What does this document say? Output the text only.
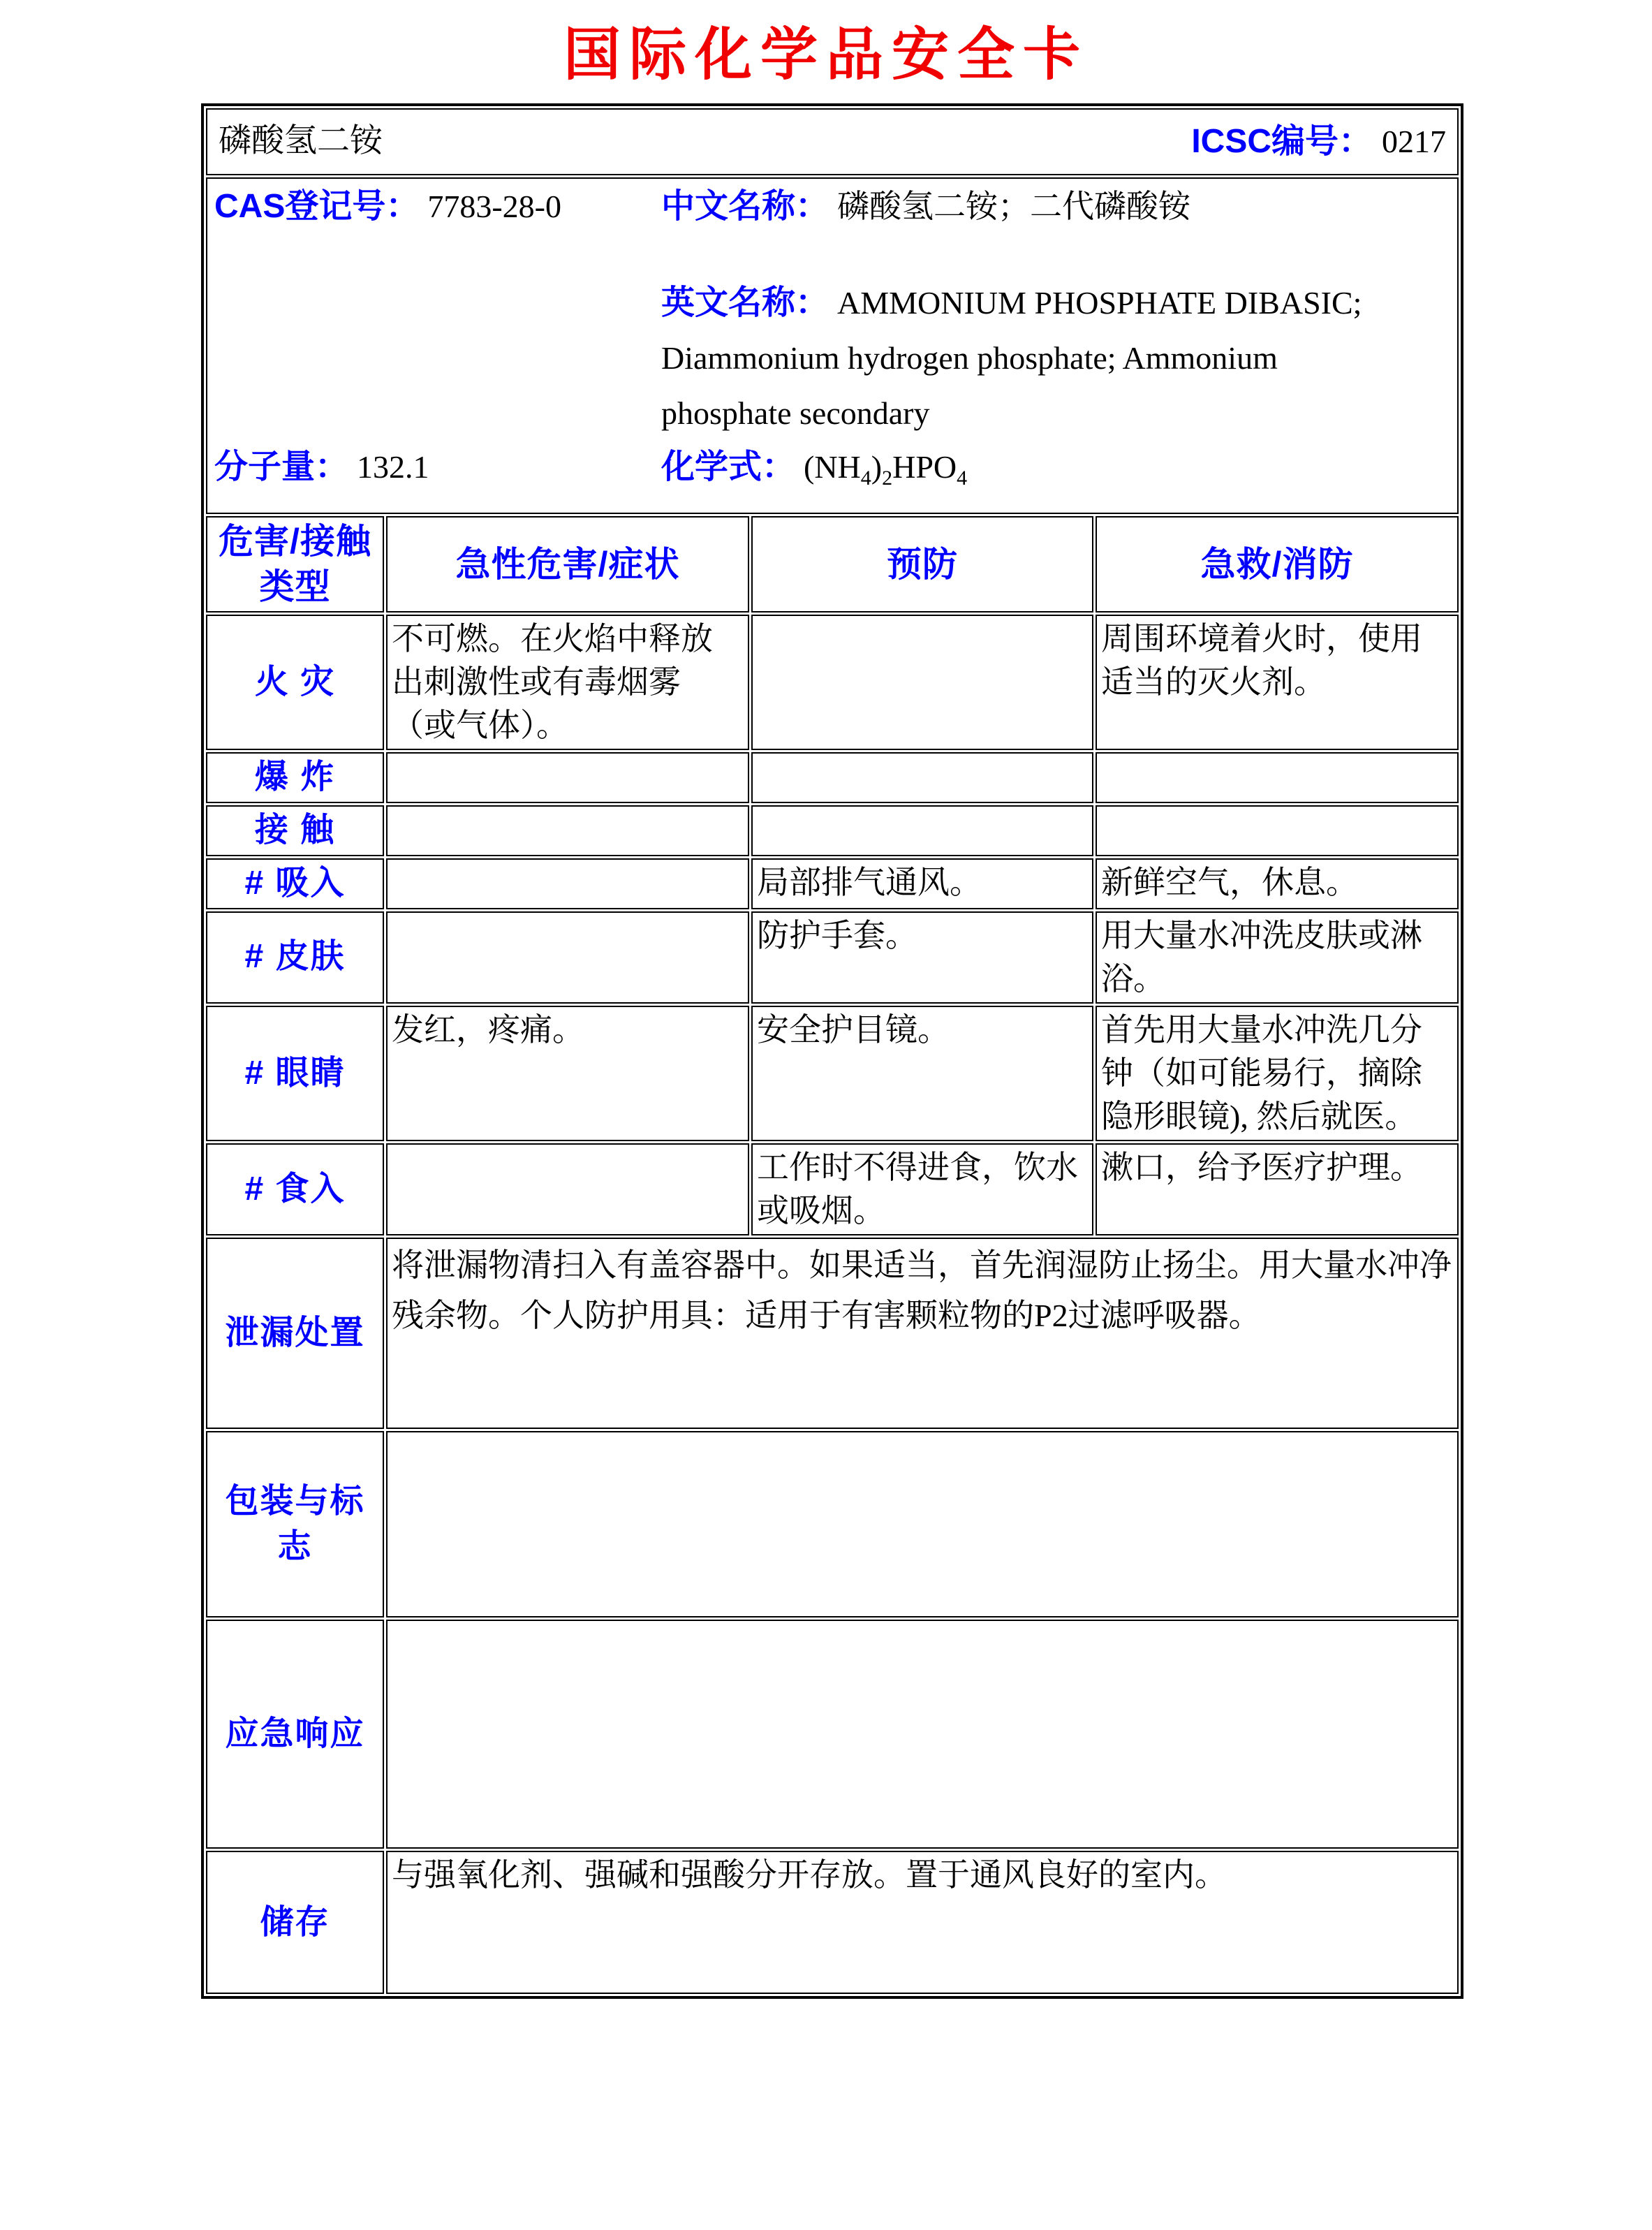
国际化学品安全卡
磷酸氢二铵 ICSC编号： 0217			

CAS登记号： 7783-28-0

分子量： 132.1

中文名称： 磷酸氢二铵；二代磷酸铵

英文名称： AMMONIUM PHOSPHATE DIBASIC; Diammonium hydrogen phosphate; Ammonium phosphate secondary

化学式： $(NH_4)_2HPO_4$

危害/接触类型	急性危害/症状	预防	急救/消防
火 灾	不可燃。在火焰中释放出刺激性或有毒烟雾（或气体）。		周围环境着火时，使用适当的灭火剂。
爆 炸			
接 触			
# 吸入		局部排气通风。	新鲜空气，休息。
# 皮肤		防护手套。	用大量水冲洗皮肤或淋浴。
# 眼睛	发红，疼痛。	安全护目镜。	首先用大量水冲洗几分钟（如可能易行，摘除隐形眼镜), 然后就医。
# 食入		工作时不得进食，饮水或吸烟。	漱口，给予医疗护理。
泄漏处置	将泄漏物清扫入有盖容器中。如果适当，首先润湿防止扬尘。用大量水冲净残余物。个人防护用具：适用于有害颗粒物的P2过滤呼吸器。		
包装与标志			
应急响应			
储存	与强氧化剂、强碱和强酸分开存放。置于通风良好的室内。		
